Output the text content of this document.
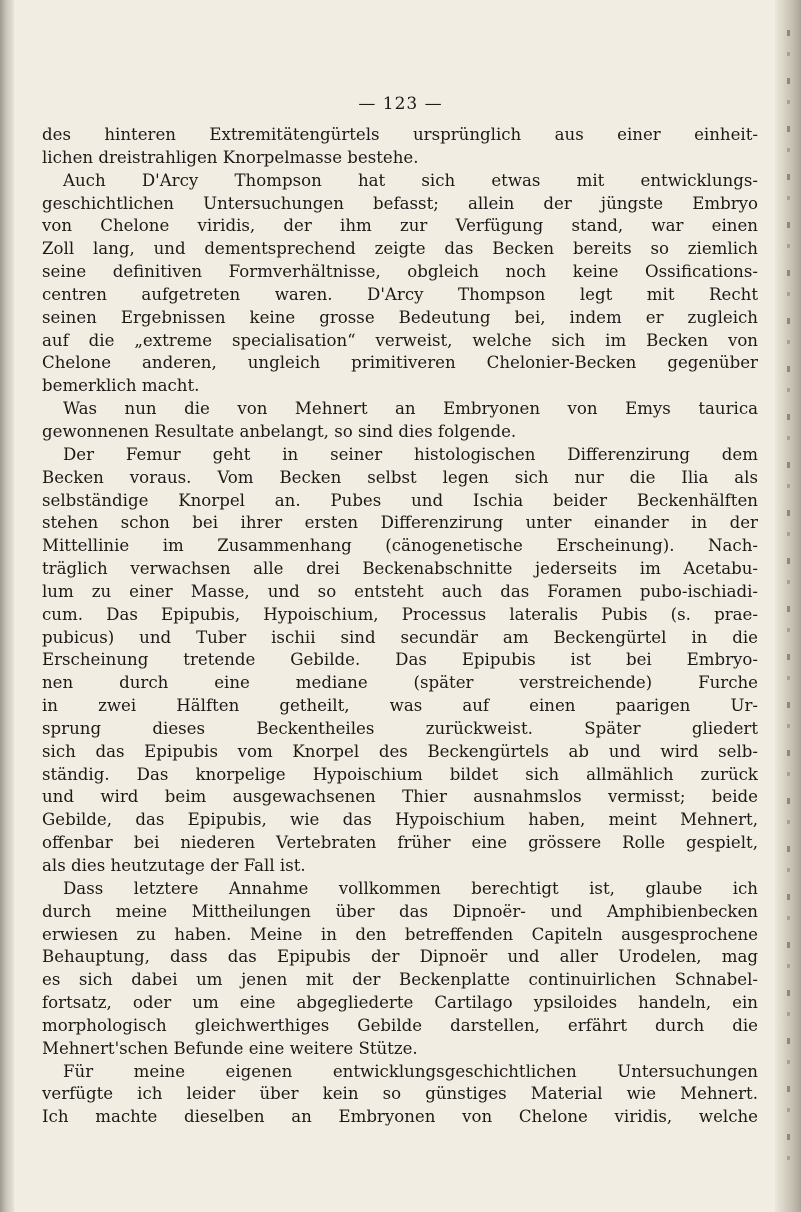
— 123 —
des hinteren Extremitätengürtels ursprünglich aus einer einheit-
lichen dreistrahligen Knorpelmasse bestehe.
Auch D'Arcy Thompson hat sich etwas mit entwicklungs-
geschichtlichen Untersuchungen befasst; allein der jüngste Embryo
von Chelone viridis, der ihm zur Verfügung stand, war einen
Zoll lang, und dementsprechend zeigte das Becken bereits so ziemlich
seine definitiven Formverhältnisse, obgleich noch keine Ossifications-
centren aufgetreten waren. D'Arcy Thompson legt mit Recht
seinen Ergebnissen keine grosse Bedeutung bei, indem er zugleich
auf die „extreme specialisation“ verweist, welche sich im Becken von
Chelone anderen, ungleich primitiveren Chelonier-Becken gegenüber
bemerklich macht.
Was nun die von Mehnert an Embryonen von Emys taurica
gewonnenen Resultate anbelangt, so sind dies folgende.
Der Femur geht in seiner histologischen Differenzirung dem
Becken voraus. Vom Becken selbst legen sich nur die Ilia als
selbständige Knorpel an. Pubes und Ischia beider Beckenhälften
stehen schon bei ihrer ersten Differenzirung unter einander in der
Mittellinie im Zusammenhang (cänogenetische Erscheinung). Nach-
träglich verwachsen alle drei Beckenabschnitte jederseits im Acetabu-
lum zu einer Masse, und so entsteht auch das Foramen pubo-ischiadi-
cum. Das Epipubis, Hypoischium, Processus lateralis Pubis (s. prae-
pubicus) und Tuber ischii sind secundär am Beckengürtel in die
Erscheinung tretende Gebilde. Das Epipubis ist bei Embryo-
nen durch eine mediane (später verstreichende) Furche
in zwei Hälften getheilt, was auf einen paarigen Ur-
sprung dieses Beckentheiles zurückweist. Später gliedert
sich das Epipubis vom Knorpel des Beckengürtels ab und wird selb-
ständig. Das knorpelige Hypoischium bildet sich allmählich zurück
und wird beim ausgewachsenen Thier ausnahmslos vermisst; beide
Gebilde, das Epipubis, wie das Hypoischium haben, meint Mehnert,
offenbar bei niederen Vertebraten früher eine grössere Rolle gespielt,
als dies heutzutage der Fall ist.
Dass letztere Annahme vollkommen berechtigt ist, glaube ich
durch meine Mittheilungen über das Dipnoër- und Amphibienbecken
erwiesen zu haben. Meine in den betreffenden Capiteln ausgesprochene
Behauptung, dass das Epipubis der Dipnoër und aller Urodelen, mag
es sich dabei um jenen mit der Beckenplatte continuirlichen Schnabel-
fortsatz, oder um eine abgegliederte Cartilago ypsiloides handeln, ein
morphologisch gleichwerthiges Gebilde darstellen, erfährt durch die
Mehnert'schen Befunde eine weitere Stütze.
Für meine eigenen entwicklungsgeschichtlichen Untersuchungen
verfügte ich leider über kein so günstiges Material wie Mehnert.
Ich machte dieselben an Embryonen von Chelone viridis, welche
